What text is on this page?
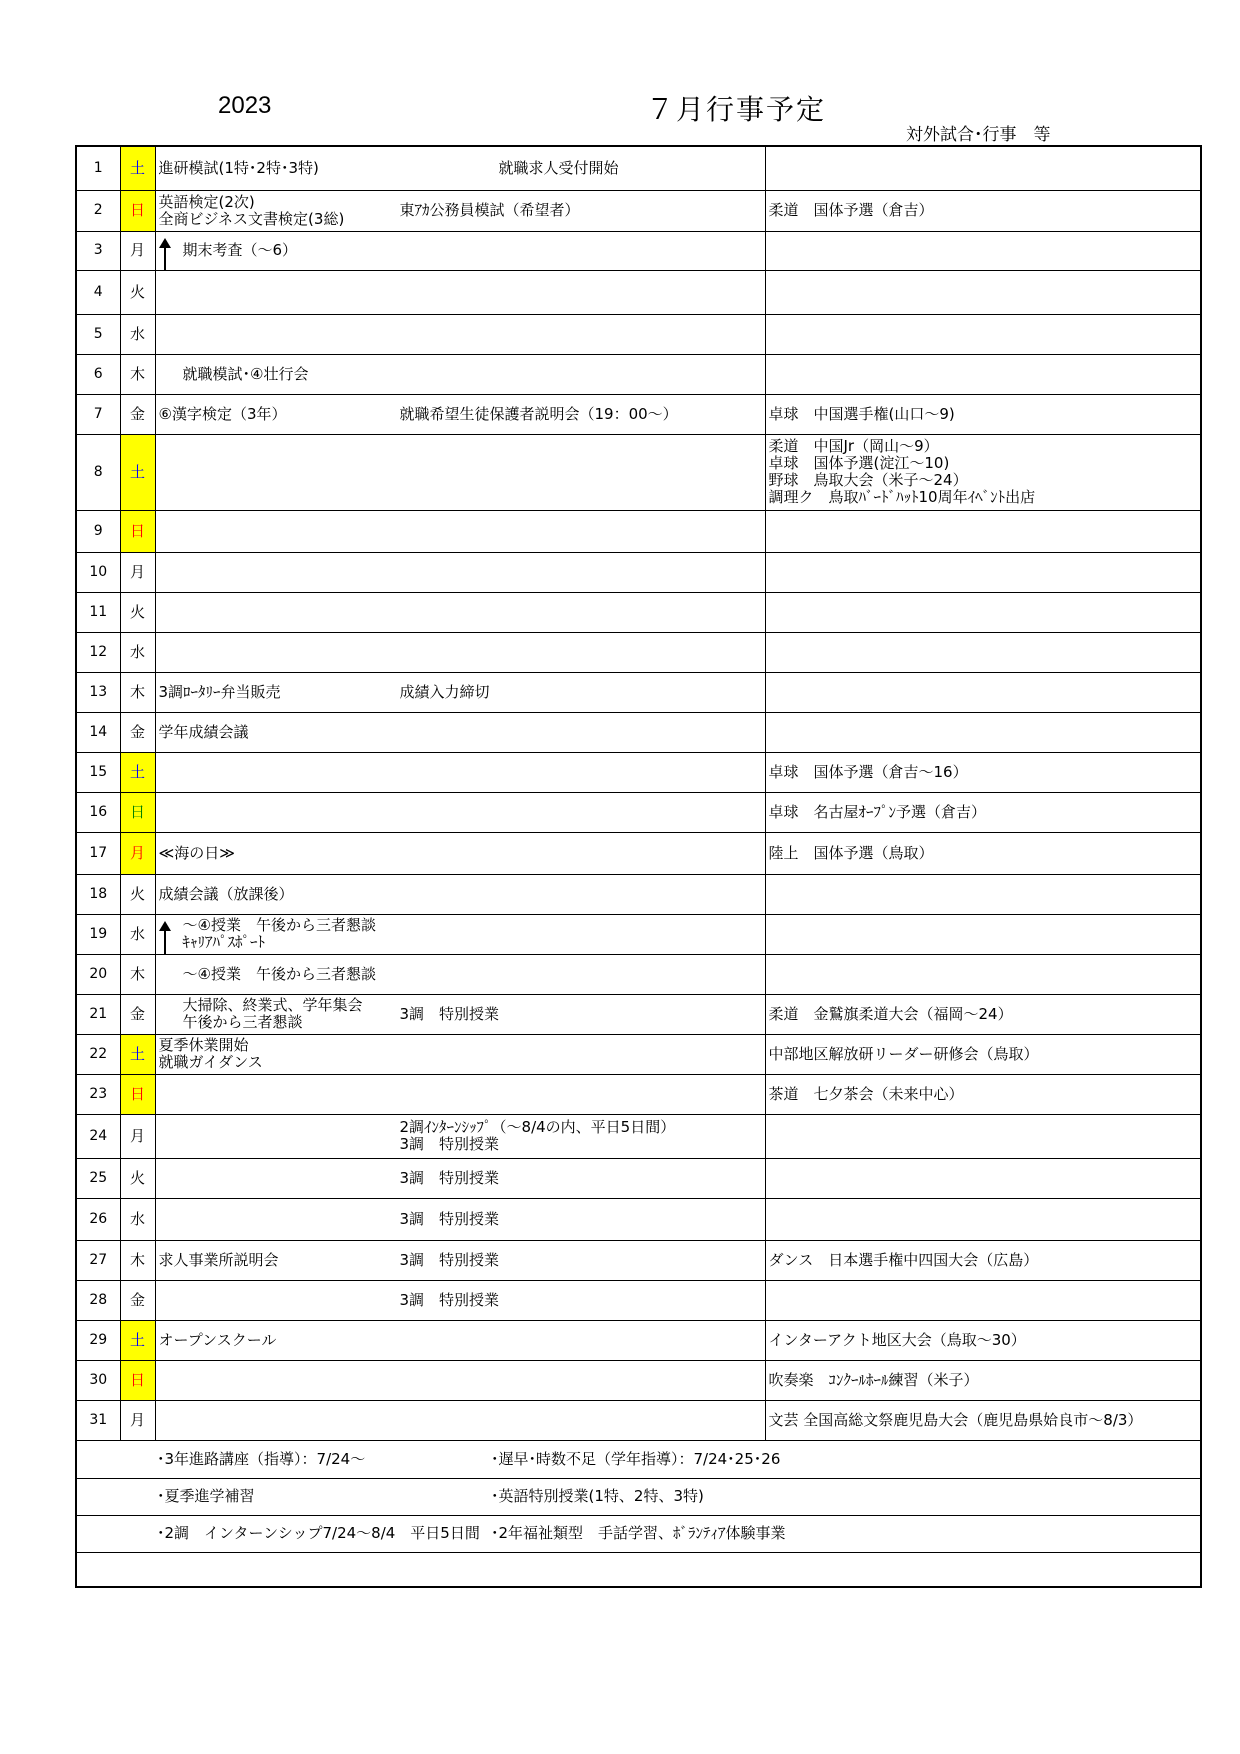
2023	７月行事予定
対外試合･行事　等
1	土	進研模試(1特･2特･3特) 就職求人受付開始	

2	日	英語検定(2次)
全商ビジネス文書検定(3総) 東ｱｶ公務員模試（希望者）	柔道　国体予選（倉吉）

3	月	期末考査（～6）	

4	火	

5	水	

6	木	就職模試･④壮行会	

7	金	⑥漢字検定（3年） 就職希望生徒保護者説明会（19：00～）	卓球　中国選手権(山口～9)

8	土		柔道　中国Jr（岡山～9）
卓球　国体予選(淀江～10)
野球　鳥取大会（米子～24）
調理ク　鳥取ﾊﾞｰﾄﾞﾊｯﾄ10周年ｲﾍﾞﾝﾄ出店

9	日	

10	月	

11	火	

12	水	

13	木	3調ﾛｰﾀﾘｰ弁当販売 成績入力締切	

14	金	学年成績会議	

15	土		卓球　国体予選（倉吉～16）

16	日		卓球　名古屋ｵｰﾌﾟﾝ予選（倉吉）

17	月	≪海の日≫	陸上　国体予選（鳥取）

18	火	成績会議（放課後）	

19	水	～④授業　午後から三者懇談
ｷｬﾘｱﾊﾟｽﾎﾟｰﾄ	

20	木	～④授業　午後から三者懇談	

21	金	大掃除、終業式、学年集会
午後から三者懇談 3調　特別授業	柔道　金鷲旗柔道大会（福岡～24）

22	土	夏季休業開始
就職ガイダンス	中部地区解放研リーダー研修会（鳥取）

23	日		茶道　七夕茶会（未来中心）

24	月	2調ｲﾝﾀｰﾝｼｯﾌﾟ（～8/4の内、平日5日間）
3調　特別授業	

25	火	3調　特別授業	

26	水	3調　特別授業	

27	木	求人事業所説明会 3調　特別授業	ダンス　日本選手権中四国大会（広島）

28	金	3調　特別授業	

29	土	オープンスクール	インターアクト地区大会（鳥取～30）

30	日		吹奏楽　ｺﾝｸｰﾙﾎｰﾙ練習（米子）

31	月		文芸 全国高総文祭鹿児島大会（鹿児島県姶良市～8/3）

･3年進路講座（指導）：7/24～ ･遅早･時数不足（学年指導）：7/24･25･26			

･夏季進学補習 ･英語特別授業(1特、2特、3特)			

･2調　インターンシップ7/24～8/4　平日5日間 ･2年福祉類型　手話学習、ﾎﾞﾗﾝﾃｨｱ体験事業			
